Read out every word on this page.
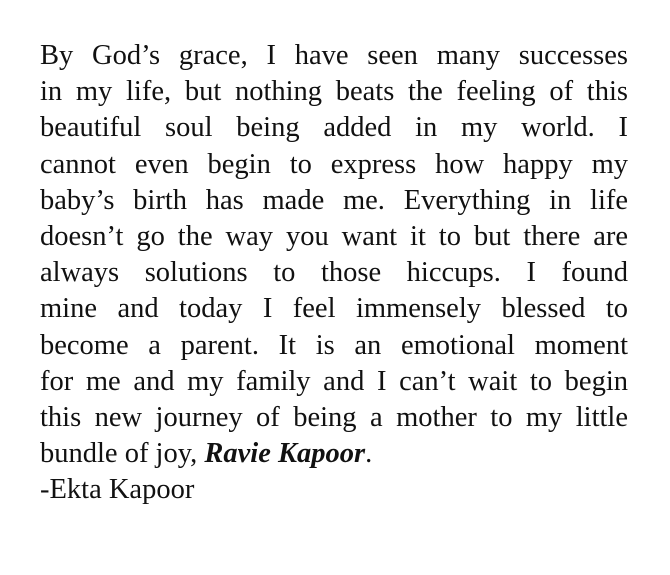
By God’s grace, I have seen many successes
in my life, but nothing beats the feeling of this
beautiful soul being added in my world. I
cannot even begin to express how happy my
baby’s birth has made me. Everything in life
doesn’t go the way you want it to but there are
always solutions to those hiccups. I found
mine and today I feel immensely blessed to
become a parent. It is an emotional moment
for me and my family and I can’t wait to begin
this new journey of being a mother to my little
bundle of joy, Ravie Kapoor.
-Ekta Kapoor
